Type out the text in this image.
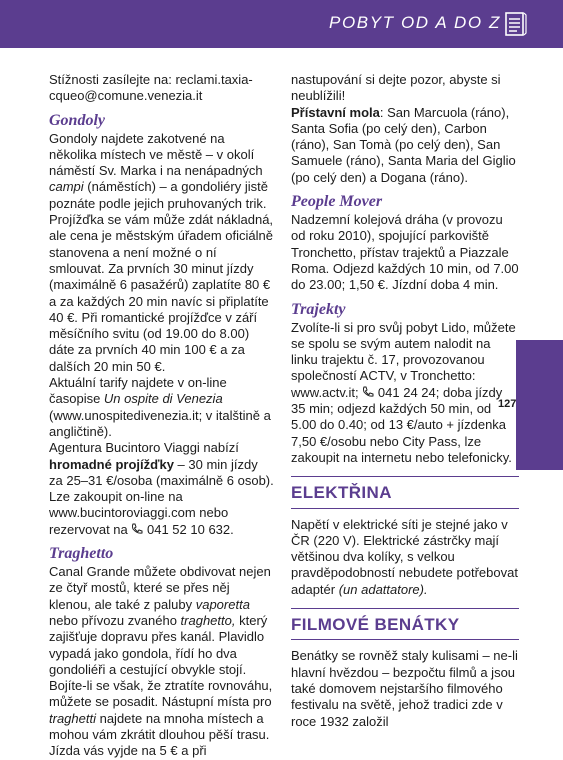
POBYT OD A DO Z

Stížnosti zasílejte na: reclami.taxiacqueo@comune.venezia.it

Gondoly

Gondoly najdete zakotvené na několika místech ve městě – v okolí náměstí Sv. Marka i na nenápadných campi (náměstích) – a gondoliéry jistě poznáte podle jejich pruhovaných trik. Projížďka se vám může zdát nákladná, ale cena je městským úřadem oficiálně stanovena a není možné o ní smlouvat. Za prvních 30 minut jízdy (maximálně 6 pasažérů) zaplatíte 80 € a za každých 20 min navíc si připlatíte 40 €. Při romantické projížďce v září měsíčního svitu (od 19.00 do 8.00) dáte za prvních 40 min 100 € a za dalších 20 min 50 €.

Aktuální tarify najdete v on-line časopise Un ospite di Venezia (www.unospitedivenezia.it; v italštině a angličtině).

Agentura Bucintoro Viaggi nabízí hromadné projížďky – 30 min jízdy za 25–31 €/osoba (maximálně 6 osob). Lze zakoupit on-line na www.bucintoroviaggi.com nebo rezervovat na  041 52 10 632.

Traghetto

Canal Grande můžete obdivovat nejen ze čtyř mostů, které se přes něj klenou, ale také z paluby vaporetta nebo přívozu zvaného traghetto, který zajišťuje dopravu přes kanál. Plavidlo vypadá jako gondola, řídí ho dva gondoliéři a cestující obvykle stojí. Bojíte-li se však, že ztratíte rovnováhu, můžete se posadit. Nástupní místa pro traghetti najdete na mnoha místech a mohou vám zkrátit dlouhou pěší trasu. Jízda vás vyjde na 5 € a při

nastupování si dejte pozor, abyste si neublížili!

Přístavní mola: San Marcuola (ráno), Santa Sofia (po celý den), Carbon (ráno), San Tomà (po celý den), San Samuele (ráno), Santa Maria del Giglio (po celý den) a Dogana (ráno).

People Mover

Nadzemní kolejová dráha (v provozu od roku 2010), spojující parkoviště Tronchetto, přístav trajektů a Piazzale Roma. Odjezd každých 10 min, od 7.00 do 23.00; 1,50 €. Jízdní doba 4 min.

Trajekty

Zvolíte-li si pro svůj pobyt Lido, můžete se spolu se svým autem nalodit na linku trajektu č. 17, provozovanou společností ACTV, v Tronchetto: www.actv.it;  041 24 24; doba jízdy 35 min; odjezd každých 50 min, od 5.00 do 0.40; od 13 €/auto + jízdenka 7,50 €/osobu nebo City Pass, lze zakoupit na internetu nebo telefonicky.

ELEKTŘINA

Napětí v elektrické síti je stejné jako v ČR (220 V). Elektrické zástrčky mají většinou dva kolíky, s velkou pravděpodobností nebudete potřebovat adaptér (un adattatore).

FILMOVÉ BENÁTKY

Benátky se rovněž staly kulisami – ne-li hlavní hvězdou – bezpočtu filmů a jsou také domovem nejstaršího filmového festivalu na světě, jehož tradici zde v roce 1932 založil

127
